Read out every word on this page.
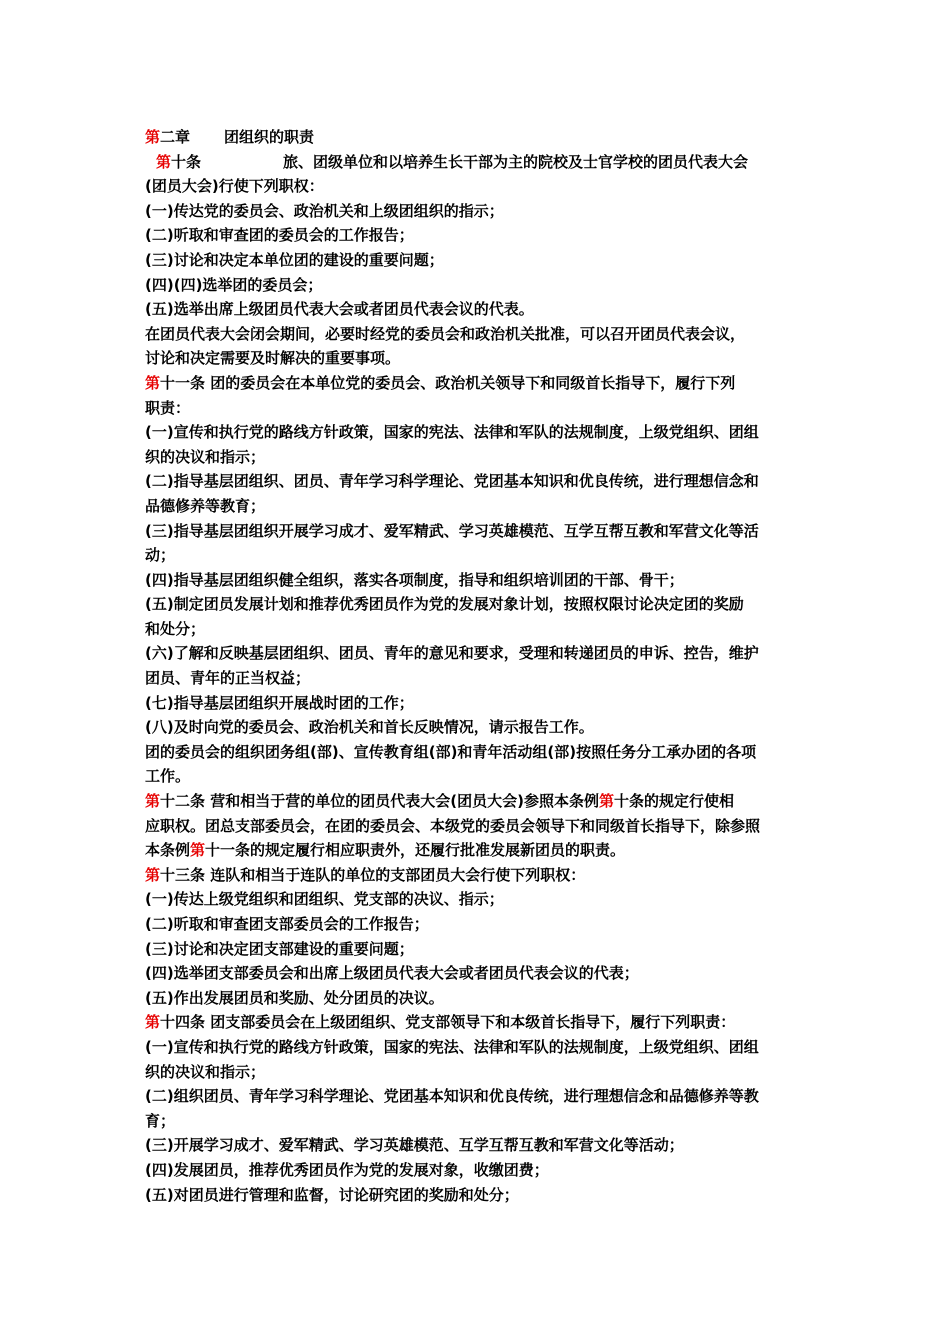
第二章 团组织的职责
第十条	旅、团级单位和以培养生长干部为主的院校及士官学校的团员代表大会
(团员大会)行使下列职权：
(一)传达党的委员会、政治机关和上级团组织的指示；
(二)听取和审查团的委员会的工作报告；
(三)讨论和决定本单位团的建设的重要问题；
(四)(四)选举团的委员会；
(五)选举出席上级团员代表大会或者团员代表会议的代表。
在团员代表大会闭会期间，必要时经党的委员会和政治机关批准，可以召开团员代表会议，
讨论和决定需要及时解决的重要事项。
第十一条 团的委员会在本单位党的委员会、政治机关领导下和同级首长指导下，履行下列
职责：
(一)宣传和执行党的路线方针政策，国家的宪法、法律和军队的法规制度，上级党组织、团组
织的决议和指示；
(二)指导基层团组织、团员、青年学习科学理论、党团基本知识和优良传统，进行理想信念和
品德修养等教育；
(三)指导基层团组织开展学习成才、爱军精武、学习英雄模范、互学互帮互教和军营文化等活
动；
(四)指导基层团组织健全组织，落实各项制度，指导和组织培训团的干部、骨干；
(五)制定团员发展计划和推荐优秀团员作为党的发展对象计划，按照权限讨论决定团的奖励
和处分；
(六)了解和反映基层团组织、团员、青年的意见和要求，受理和转递团员的申诉、控告，维护
团员、青年的正当权益；
(七)指导基层团组织开展战时团的工作；
(八)及时向党的委员会、政治机关和首长反映情况，请示报告工作。
团的委员会的组织团务组(部)、宣传教育组(部)和青年活动组(部)按照任务分工承办团的各项
工作。
第十二条 营和相当于营的单位的团员代表大会(团员大会)参照本条例第十条的规定行使相
应职权。团总支部委员会，在团的委员会、本级党的委员会领导下和同级首长指导下，除参照
本条例第十一条的规定履行相应职责外，还履行批准发展新团员的职责。
第十三条 连队和相当于连队的单位的支部团员大会行使下列职权：
(一)传达上级党组织和团组织、党支部的决议、指示；
(二)听取和审查团支部委员会的工作报告；
(三)讨论和决定团支部建设的重要问题；
(四)选举团支部委员会和出席上级团员代表大会或者团员代表会议的代表；
(五)作出发展团员和奖励、处分团员的决议。
第十四条 团支部委员会在上级团组织、党支部领导下和本级首长指导下，履行下列职责：
(一)宣传和执行党的路线方针政策，国家的宪法、法律和军队的法规制度，上级党组织、团组
织的决议和指示；
(二)组织团员、青年学习科学理论、党团基本知识和优良传统，进行理想信念和品德修养等教
育；
(三)开展学习成才、爱军精武、学习英雄模范、互学互帮互教和军营文化等活动；
(四)发展团员，推荐优秀团员作为党的发展对象，收缴团费；
(五)对团员进行管理和监督，讨论研究团的奖励和处分；
